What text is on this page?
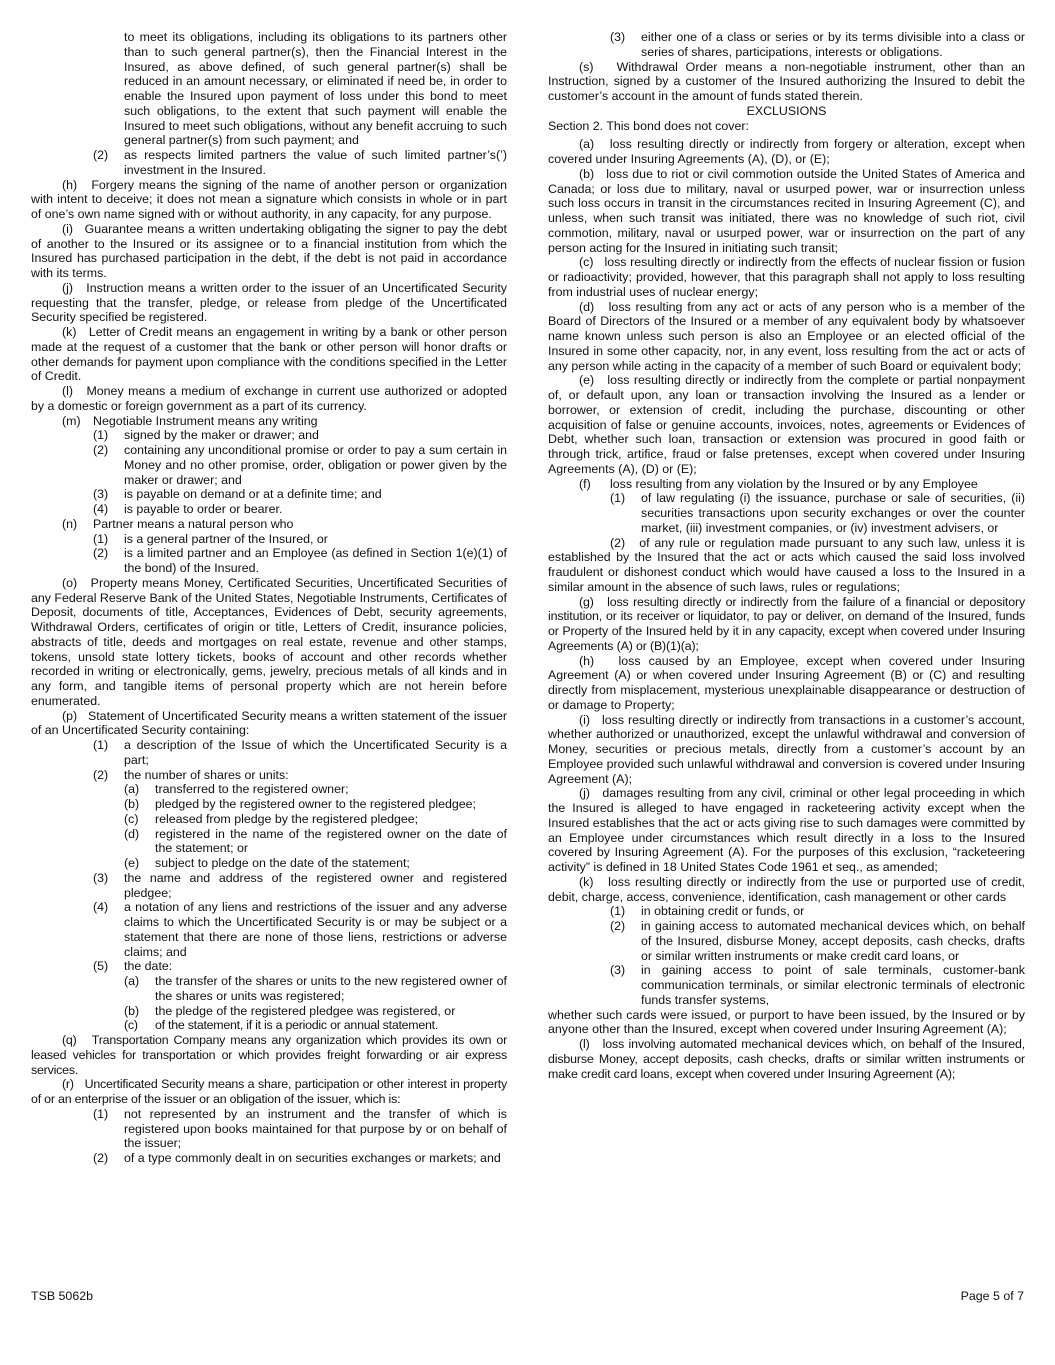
to meet its obligations, including its obligations to its partners other than to such general partner(s), then the Financial Interest in the Insured, as above defined, of such general partner(s) shall be reduced in an amount necessary, or eliminated if need be, in order to enable the Insured upon payment of loss under this bond to meet such obligations, to the extent that such payment will enable the Insured to meet such obligations, without any benefit accruing to such general partner(s) from such payment; and

(2)	as respects limited partners the value of such limited partner’s(’) investment in the Insured.

(h)   Forgery means the signing of the name of another person or organization with intent to deceive; it does not mean a signature which consists in whole or in part of one’s own name signed with or without authority, in any capacity, for any purpose.

(i)   Guarantee means a written undertaking obligating the signer to pay the debt of another to the Insured or its assignee or to a financial institution from which the Insured has purchased participation in the debt, if the debt is not paid in accordance with its terms.

(j)   Instruction means a written order to the issuer of an Uncertificated Security requesting that the transfer, pledge, or release from pledge of the Uncertificated Security specified be registered.

(k)   Letter of Credit means an engagement in writing by a bank or other person made at the request of a customer that the bank or other person will honor drafts or other demands for payment upon compliance with the conditions specified in the Letter of Credit.

(l)   Money means a medium of exchange in current use authorized or adopted by a domestic or foreign government as a part of its currency.

(m)	Negotiable Instrument means any writing
(1)	signed by the maker or drawer; and
(2)	containing any unconditional promise or order to pay a sum certain in Money and no other promise, order, obligation or power given by the maker or drawer; and
(3)	is payable on demand or at a definite time; and
(4)	is payable to order or bearer.
(n)	Partner means a natural person who
(1)	is a general partner of the Insured, or
(2)	is a limited partner and an Employee (as defined in Section 1(e)(1) of the bond) of the Insured.

(o)   Property means Money, Certificated Securities, Uncertificated Securities of any Federal Reserve Bank of the United States, Negotiable Instruments, Certificates of Deposit, documents of title, Acceptances, Evidences of Debt, security agreements, Withdrawal Orders, certificates of origin or title, Letters of Credit, insurance policies, abstracts of title, deeds and mortgages on real estate, revenue and other stamps, tokens, unsold state lottery tickets, books of account and other records whether recorded in writing or electronically, gems, jewelry, precious metals of all kinds and in any form, and tangible items of personal property which are not herein before enumerated.

(p)   Statement of Uncertificated Security means a written statement of the issuer of an Uncertificated Security containing:

(1)	a description of the Issue of which the Uncertificated Security is a part;
(2)	the number of shares or units:
(a)	transferred to the registered owner;
(b)	pledged by the registered owner to the registered pledgee;
(c)	released from pledge by the registered pledgee;
(d)	registered in the name of the registered owner on the date of the statement; or
(e)	subject to pledge on the date of the statement;
(3)	the name and address of the registered owner and registered pledgee;
(4)	a notation of any liens and restrictions of the issuer and any adverse claims to which the Uncertificated Security is or may be subject or a statement that there are none of those liens, restrictions or adverse claims; and
(5)	the date:
(a)	the transfer of the shares or units to the new registered owner of the shares or units was registered;
(b)	the pledge of the registered pledgee was registered, or
(c)	of the statement, if it is a periodic or annual statement.

(q)   Transportation Company means any organization which provides its own or leased vehicles for transportation or which provides freight forwarding or air express services.

(r)   Uncertificated Security means a share, participation or other interest in property of or an enterprise of the issuer or an obligation of the issuer, which is:

(1)	not represented by an instrument and the transfer of which is registered upon books maintained for that purpose by or on behalf of the issuer;
(2)	of a type commonly dealt in on securities exchanges or markets; and
(3)	either one of a class or series or by its terms divisible into a class or series of shares, participations, interests or obligations.

(s)   Withdrawal Order means a non-negotiable instrument, other than an Instruction, signed by a customer of the Insured authorizing the Insured to debit the customer’s account in the amount of funds stated therein.

EXCLUSIONS

Section 2. This bond does not cover:

(a)   loss resulting directly or indirectly from forgery or alteration, except when covered under Insuring Agreements (A), (D), or (E);

(b)   loss due to riot or civil commotion outside the United States of America and Canada; or loss due to military, naval or usurped power, war or insurrection unless such loss occurs in transit in the circumstances recited in Insuring Agreement (C), and unless, when such transit was initiated, there was no knowledge of such riot, civil commotion, military, naval or usurped power, war or insurrection on the part of any person acting for the Insured in initiating such transit;

(c)   loss resulting directly or indirectly from the effects of nuclear fission or fusion or radioactivity; provided, however, that this paragraph shall not apply to loss resulting from industrial uses of nuclear energy;

(d)   loss resulting from any act or acts of any person who is a member of the Board of Directors of the Insured or a member of any equivalent body by whatsoever name known unless such person is also an Employee or an elected official of the Insured in some other capacity, nor, in any event, loss resulting from the act or acts of any person while acting in the capacity of a member of such Board or equivalent body;

(e)   loss resulting directly or indirectly from the complete or partial nonpayment of, or default upon, any loan or transaction involving the Insured as a lender or borrower, or extension of credit, including the purchase, discounting or other acquisition of false or genuine accounts, invoices, notes, agreements or Evidences of Debt, whether such loan, transaction or extension was procured in good faith or through trick, artifice, fraud or false pretenses, except when covered under Insuring Agreements (A), (D) or (E);

(f)	loss resulting from any violation by the Insured or by any Employee
(1)	of law regulating (i) the issuance, purchase or sale of securities, (ii) securities transactions upon security exchanges or over the counter market, (iii) investment companies, or (iv) investment advisers, or

(2)   of any rule or regulation made pursuant to any such law, unless it is established by the Insured that the act or acts which caused the said loss involved fraudulent or dishonest conduct which would have caused a loss to the Insured in a similar amount in the absence of such laws, rules or regulations;

(g)   loss resulting directly or indirectly from the failure of a financial or depository institution, or its receiver or liquidator, to pay or deliver, on demand of the Insured, funds or Property of the Insured held by it in any capacity, except when covered under Insuring Agreements (A) or (B)(1)(a);

(h)   loss caused by an Employee, except when covered under Insuring Agreement (A) or when covered under Insuring Agreement (B) or (C) and resulting directly from misplacement, mysterious unexplainable disappearance or destruction of or damage to Property;

(i)   loss resulting directly or indirectly from transactions in a customer’s account, whether authorized or unauthorized, except the unlawful withdrawal and conversion of Money, securities or precious metals, directly from a customer’s account by an Employee provided such unlawful withdrawal and conversion is covered under Insuring Agreement (A);

(j)   damages resulting from any civil, criminal or other legal proceeding in which the Insured is alleged to have engaged in racketeering activity except when the Insured establishes that the act or acts giving rise to such damages were committed by an Employee under circumstances which result directly in a loss to the Insured covered by Insuring Agreement (A). For the purposes of this exclusion, “racketeering activity” is defined in 18 United States Code 1961 et seq., as amended;

(k)   loss resulting directly or indirectly from the use or purported use of credit, debit, charge, access, convenience, identification, cash management or other cards

(1)	in obtaining credit or funds, or
(2)	in gaining access to automated mechanical devices which, on behalf of the Insured, disburse Money, accept deposits, cash checks, drafts or similar written instruments or make credit card loans, or
(3)	in gaining access to point of sale terminals, customer-bank communication terminals, or similar electronic terminals of electronic funds transfer systems,

whether such cards were issued, or purport to have been issued, by the Insured or by anyone other than the Insured, except when covered under Insuring Agreement (A);

(l)   loss involving automated mechanical devices which, on behalf of the Insured, disburse Money, accept deposits, cash checks, drafts or similar written instruments or make credit card loans, except when covered under Insuring Agreement (A);

TSB 5062b	Page 5 of 7
